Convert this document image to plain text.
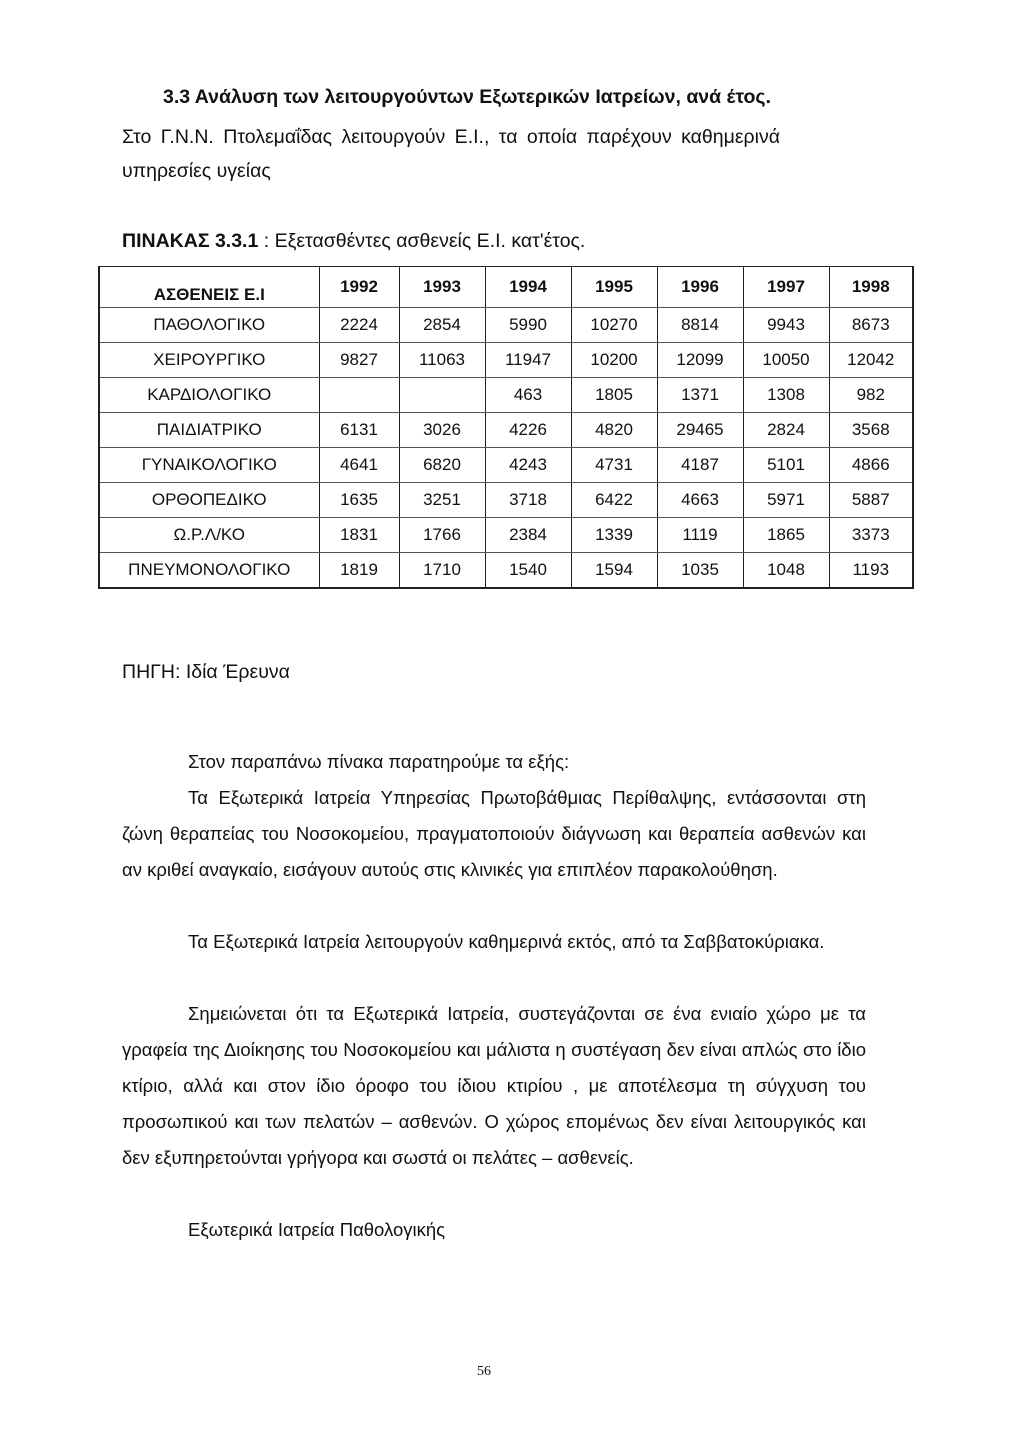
3.3 Ανάλυση των λειτουργούντων Εξωτερικών Ιατρείων, ανά έτος.
Στο Γ.Ν.Ν. Πτολεμαΐδας λειτουργούν Ε.Ι., τα οποία παρέχουν καθημερινά
υπηρεσίες υγείας
ΠΙΝΑΚΑΣ 3.3.1 : Εξετασθέντες ασθενείς Ε.Ι. κατ'έτος.
ΑΣΘΕΝΕΙΣ Ε.Ι	1992	1993	1994	1995	1996	1997	1998
ΠΑΘΟΛΟΓΙΚΟ	2224	2854	5990	10270	8814	9943	8673
ΧΕΙΡΟΥΡΓΙΚΟ	9827	11063	11947	10200	12099	10050	12042
ΚΑΡΔΙΟΛΟΓΙΚΟ			463	1805	1371	1308	982
ΠΑΙΔΙΑΤΡΙΚΟ	6131	3026	4226	4820	29465	2824	3568
ΓΥΝΑΙΚΟΛΟΓΙΚΟ	4641	6820	4243	4731	4187	5101	4866
ΟΡΘΟΠΕΔΙΚΟ	1635	3251	3718	6422	4663	5971	5887
Ω.Ρ.Λ/ΚΟ	1831	1766	2384	1339	1119	1865	3373
ΠΝΕΥΜΟΝΟΛΟΓΙΚΟ	1819	1710	1540	1594	1035	1048	1193
ΠΗΓΗ: Ιδία Έρευνα

Στον παραπάνω πίνακα παρατηρούμε τα εξής:

Τα Εξωτερικά Ιατρεία Υπηρεσίας Πρωτοβάθμιας Περίθαλψης, εντάσσονται στη ζώνη θεραπείας του Νοσοκομείου, πραγματοποιούν διάγνωση και θεραπεία ασθενών και αν κριθεί αναγκαίο, εισάγουν αυτούς στις κλινικές για επιπλέον παρακολούθηση.

Τα Εξωτερικά Ιατρεία λειτουργούν καθημερινά εκτός, από τα Σαββατοκύριακα.

Σημειώνεται ότι τα Εξωτερικά Ιατρεία, συστεγάζονται σε ένα ενιαίο χώρο με τα γραφεία της Διοίκησης του Νοσοκομείου και μάλιστα η συστέγαση δεν είναι απλώς στο ίδιο κτίριο, αλλά και στον ίδιο όροφο του ίδιου κτιρίου , με αποτέλεσμα τη σύγχυση του προσωπικού και των πελατών – ασθενών. Ο χώρος επομένως δεν είναι λειτουργικός και δεν εξυπηρετούνται γρήγορα και σωστά οι πελάτες – ασθενείς.

Εξωτερικά Ιατρεία Παθολογικής

56
